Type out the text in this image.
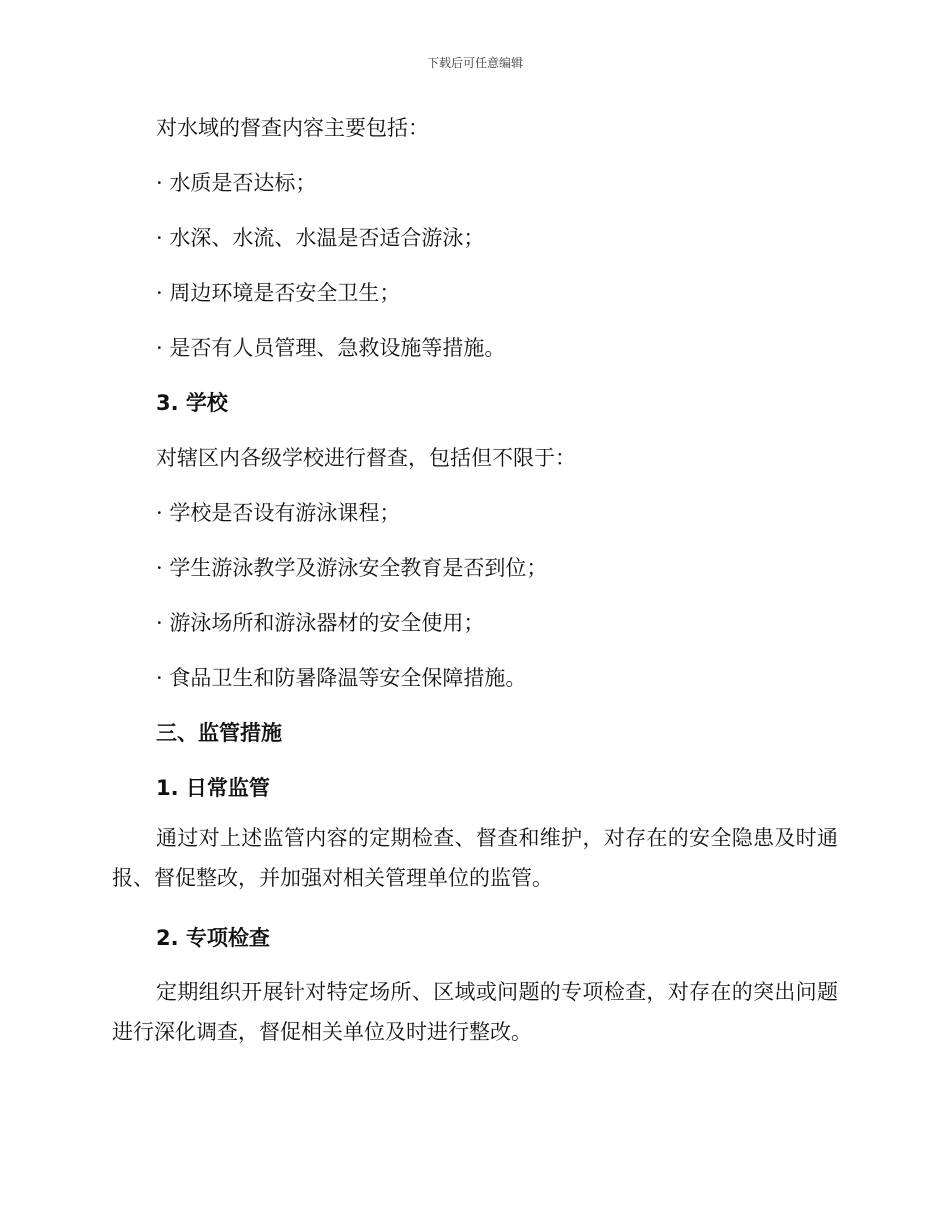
下载后可任意编辑

对水域的督查内容主要包括：

· 水质是否达标；

· 水深、水流、水温是否适合游泳；

· 周边环境是否安全卫生；

· 是否有人员管理、急救设施等措施。

3. 学校

对辖区内各级学校进行督查，包括但不限于：

· 学校是否设有游泳课程；

· 学生游泳教学及游泳安全教育是否到位；

· 游泳场所和游泳器材的安全使用；

· 食品卫生和防暑降温等安全保障措施。

三、监管措施

1. 日常监管

通过对上述监管内容的定期检查、督查和维护，对存在的安全隐患及时通报、督促整改，并加强对相关管理单位的监管。

2. 专项检查

定期组织开展针对特定场所、区域或问题的专项检查，对存在的突出问题进行深化调查，督促相关单位及时进行整改。
